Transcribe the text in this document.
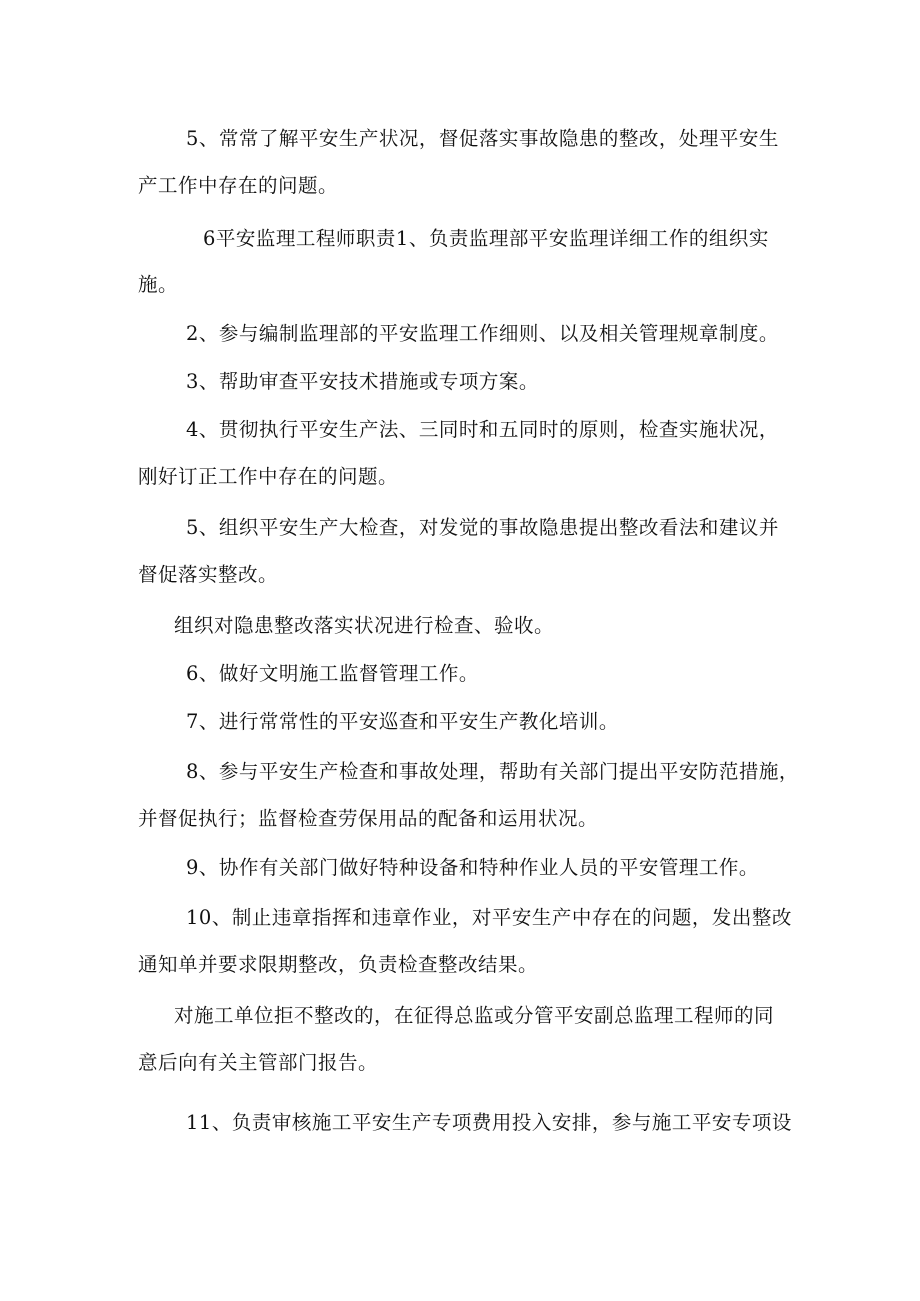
5、常常了解平安生产状况，督促落实事故隐患的整改，处理平安生
产工作中存在的问题。
6平安监理工程师职责1、负责监理部平安监理详细工作的组织实
施。
2、参与编制监理部的平安监理工作细则、以及相关管理规章制度。
3、帮助审查平安技术措施或专项方案。
4、贯彻执行平安生产法、三同时和五同时的原则，检查实施状况，
刚好订正工作中存在的问题。
5、组织平安生产大检查，对发觉的事故隐患提出整改看法和建议并
督促落实整改。
组织对隐患整改落实状况进行检查、验收。
6、做好文明施工监督管理工作。
7、进行常常性的平安巡查和平安生产教化培训。
8、参与平安生产检查和事故处理，帮助有关部门提出平安防范措施，
并督促执行；监督检查劳保用品的配备和运用状况。
9、协作有关部门做好特种设备和特种作业人员的平安管理工作。
10、制止违章指挥和违章作业，对平安生产中存在的问题，发出整改
通知单并要求限期整改，负责检查整改结果。
对施工单位拒不整改的，在征得总监或分管平安副总监理工程师的同
意后向有关主管部门报告。
11、负责审核施工平安生产专项费用投入安排，参与施工平安专项设
